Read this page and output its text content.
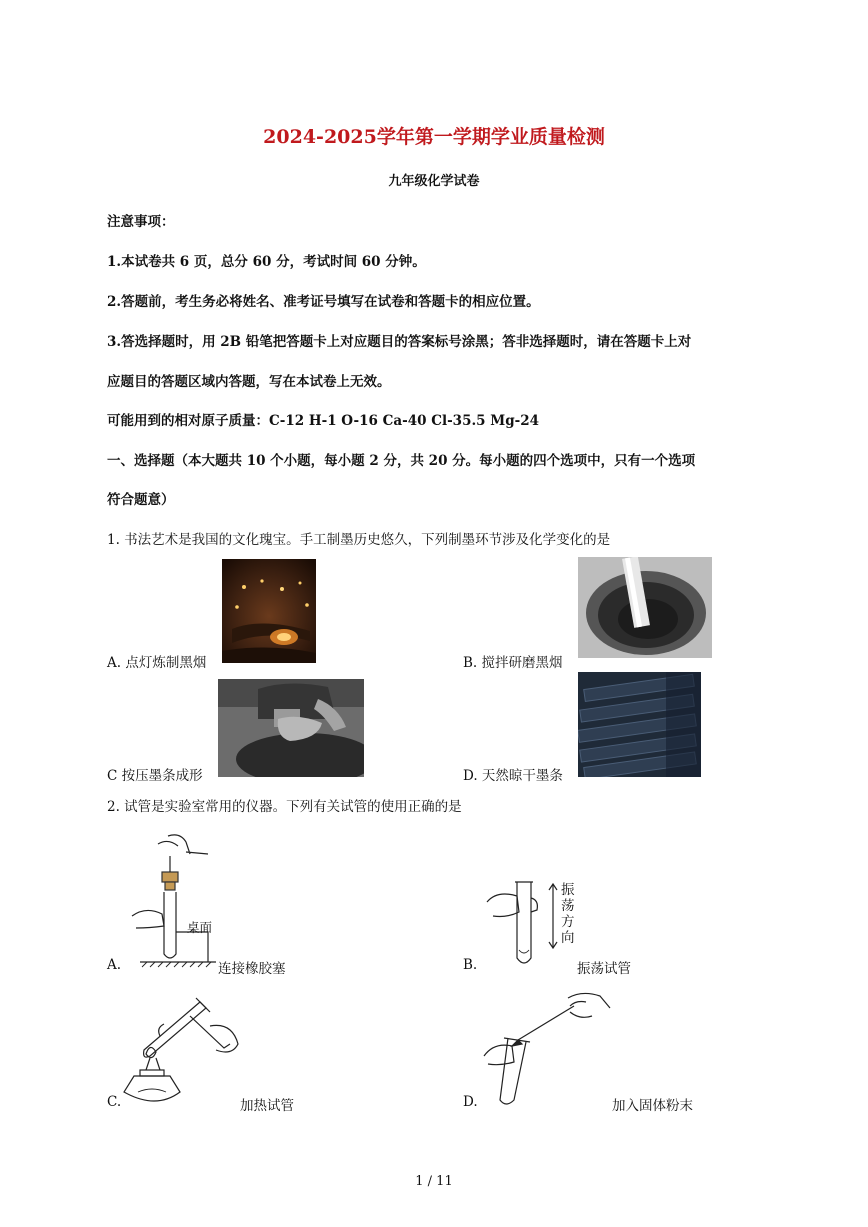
2024-2025学年第一学期学业质量检测
九年级化学试卷
注意事项：
1.本试卷共 6 页，总分 60 分，考试时间 60 分钟。
2.答题前，考生务必将姓名、准考证号填写在试卷和答题卡的相应位置。
3.答选择题时，用 2B 铅笔把答题卡上对应题目的答案标号涂黑；答非选择题时，请在答题卡上对
应题目的答题区域内答题，写在本试卷上无效。
可能用到的相对原子质量：C-12 H-1 O-16 Ca-40 Cl-35.5 Mg-24
一、选择题（本大题共 10 个小题，每小题 2 分，共 20 分。每小题的四个选项中，只有一个选项
符合题意）
1. 书法艺术是我国的文化瑰宝。手工制墨历史悠久，下列制墨环节涉及化学变化的是
A. 点灯炼制黑烟	B. 搅拌研磨黑烟
C 按压墨条成形	D. 天然晾干墨条
2. 试管是实验室常用的仪器。下列有关试管的使用正确的是
A.
桌面
连接橡胶塞	B.
振
荡
方
向
振荡试管
C.	加热试管	D.	加入固体粉末
1 / 11
